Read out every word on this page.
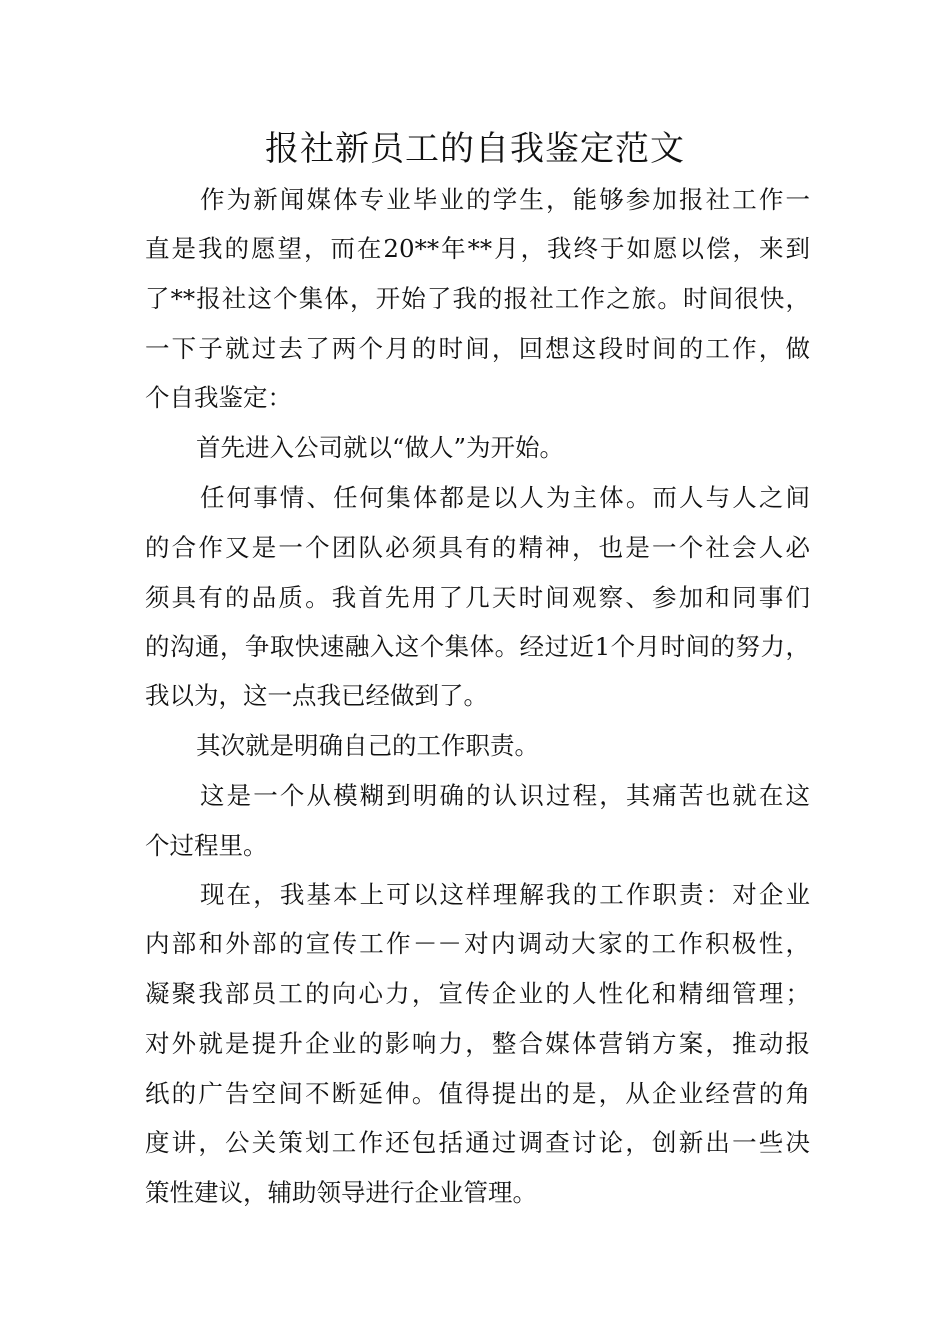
报社新员工的自我鉴定范文
作为新闻媒体专业毕业的学生，能够参加报社工作一
直是我的愿望，而在20**年**月，我终于如愿以偿，来到
了**报社这个集体，开始了我的报社工作之旅。时间很快，
一下子就过去了两个月的时间，回想这段时间的工作，做
个自我鉴定：
首先进入公司就以“做人”为开始。
任何事情、任何集体都是以人为主体。而人与人之间
的合作又是一个团队必须具有的精神，也是一个社会人必
须具有的品质。我首先用了几天时间观察、参加和同事们
的沟通，争取快速融入这个集体。经过近1个月时间的努力，
我以为，这一点我已经做到了。
其次就是明确自己的工作职责。
这是一个从模糊到明确的认识过程，其痛苦也就在这
个过程里。
现在，我基本上可以这样理解我的工作职责：对企业
内部和外部的宣传工作－－对内调动大家的工作积极性，
凝聚我部员工的向心力，宣传企业的人性化和精细管理；
对外就是提升企业的影响力，整合媒体营销方案，推动报
纸的广告空间不断延伸。值得提出的是，从企业经营的角
度讲，公关策划工作还包括通过调查讨论，创新出一些决
策性建议，辅助领导进行企业管理。
